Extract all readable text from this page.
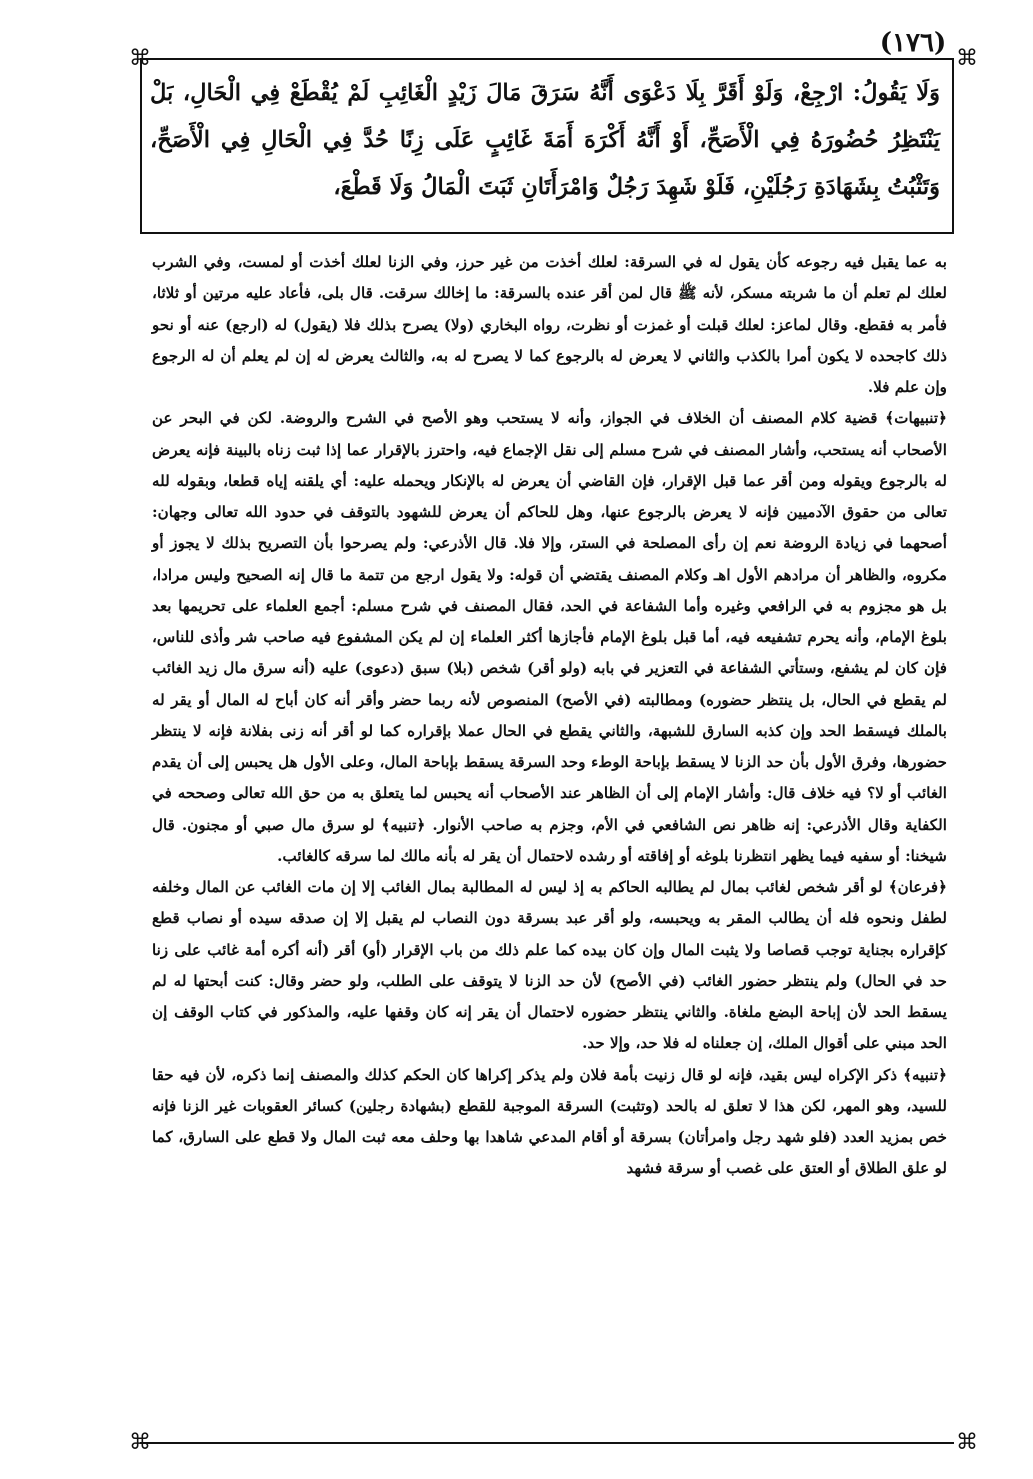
(١٧٦)
⌘	⌘
⌘	⌘

وَلَا يَقُولُ: ارْجِعْ، وَلَوْ أَقَرَّ بِلَا دَعْوَى أَنَّهُ سَرَقَ مَالَ زَيْدٍ الْغَائِبِ لَمْ يُقْطَعْ فِي الْحَالِ، بَلْ يَنْتَظِرُ حُضُورَهُ فِي الْأَصَحِّ، أَوْ أَنَّهُ أَكْرَهَ أَمَةَ غَائِبٍ عَلَى زِنًا حُدَّ فِي الْحَالِ فِي الْأَصَحِّ، وَتَثْبُتُ بِشَهَادَةِ رَجُلَيْنِ، فَلَوْ شَهِدَ رَجُلٌ وَامْرَأَتَانِ ثَبَتَ الْمَالُ وَلَا قَطْعَ،

به عما يقبل فيه رجوعه كأن يقول له في السرقة: لعلك أخذت من غير حرز، وفي الزنا لعلك أخذت أو لمست، وفي الشرب لعلك لم تعلم أن ما شربته مسكر، لأنه ﷺ قال لمن أقر عنده بالسرقة: ما إخالك سرقت. قال بلى، فأعاد عليه مرتين أو ثلاثا، فأمر به فقطع. وقال لماعز: لعلك قبلت أو غمزت أو نظرت، رواه البخاري (ولا) يصرح بذلك فلا (يقول) له (ارجع) عنه أو نحو ذلك كاجحده لا يكون أمرا بالكذب والثاني لا يعرض له بالرجوع كما لا يصرح له به، والثالث يعرض له إن لم يعلم أن له الرجوع وإن علم فلا.

﴿تنبيهات﴾ قضية كلام المصنف أن الخلاف في الجواز، وأنه لا يستحب وهو الأصح في الشرح والروضة. لكن في البحر عن الأصحاب أنه يستحب، وأشار المصنف في شرح مسلم إلى نقل الإجماع فيه، واحترز بالإقرار عما إذا ثبت زناه بالبينة فإنه يعرض له بالرجوع ويقوله ومن أقر عما قبل الإقرار، فإن القاضي أن يعرض له بالإنكار ويحمله عليه: أي يلقنه إياه قطعا، وبقوله لله تعالى من حقوق الآدميين فإنه لا يعرض بالرجوع عنها، وهل للحاكم أن يعرض للشهود بالتوقف في حدود الله تعالى وجهان: أصحهما في زيادة الروضة نعم إن رأى المصلحة في الستر، وإلا فلا. قال الأذرعي: ولم يصرحوا بأن التصريح بذلك لا يجوز أو مكروه، والظاهر أن مرادهم الأول اهـ وكلام المصنف يقتضي أن قوله: ولا يقول ارجع من تتمة ما قال إنه الصحيح وليس مرادا، بل هو مجزوم به في الرافعي وغيره وأما الشفاعة في الحد، فقال المصنف في شرح مسلم: أجمع العلماء على تحريمها بعد بلوغ الإمام، وأنه يحرم تشفيعه فيه، أما قبل بلوغ الإمام فأجازها أكثر العلماء إن لم يكن المشفوع فيه صاحب شر وأذى للناس، فإن كان لم يشفع، وستأتي الشفاعة في التعزير في بابه (ولو أقر) شخص (بلا) سبق (دعوى) عليه (أنه سرق مال زيد الغائب لم يقطع في الحال، بل ينتظر حضوره) ومطالبته (في الأصح) المنصوص لأنه ربما حضر وأقر أنه كان أباح له المال أو يقر له بالملك فيسقط الحد وإن كذبه السارق للشبهة، والثاني يقطع في الحال عملا بإقراره كما لو أقر أنه زنى بفلانة فإنه لا ينتظر حضورها، وفرق الأول بأن حد الزنا لا يسقط بإباحة الوطء وحد السرقة يسقط بإباحة المال، وعلى الأول هل يحبس إلى أن يقدم الغائب أو لا؟ فيه خلاف قال: وأشار الإمام إلى أن الظاهر عند الأصحاب أنه يحبس لما يتعلق به من حق الله تعالى وصححه في الكفاية وقال الأذرعي: إنه ظاهر نص الشافعي في الأم، وجزم به صاحب الأنوار. ﴿تنبيه﴾ لو سرق مال صبي أو مجنون. قال شيخنا: أو سفيه فيما يظهر انتظرنا بلوغه أو إفاقته أو رشده لاحتمال أن يقر له بأنه مالك لما سرقه كالغائب.

﴿فرعان﴾ لو أقر شخص لغائب بمال لم يطالبه الحاكم به إذ ليس له المطالبة بمال الغائب إلا إن مات الغائب عن المال وخلفه لطفل ونحوه فله أن يطالب المقر به ويحبسه، ولو أقر عبد بسرقة دون النصاب لم يقبل إلا إن صدقه سيده أو نصاب قطع كإقراره بجناية توجب قصاصا ولا يثبت المال وإن كان بيده كما علم ذلك من باب الإقرار (أو) أقر (أنه أكره أمة غائب على زنا حد في الحال) ولم ينتظر حضور الغائب (في الأصح) لأن حد الزنا لا يتوقف على الطلب، ولو حضر وقال: كنت أبحتها له لم يسقط الحد لأن إباحة البضع ملغاة. والثاني ينتظر حضوره لاحتمال أن يقر إنه كان وقفها عليه، والمذكور في كتاب الوقف إن الحد مبني على أقوال الملك، إن جعلناه له فلا حد، وإلا حد.

﴿تنبيه﴾ ذكر الإكراه ليس بقيد، فإنه لو قال زنيت بأمة فلان ولم يذكر إكراها كان الحكم كذلك والمصنف إنما ذكره، لأن فيه حقا للسيد، وهو المهر، لكن هذا لا تعلق له بالحد (وتثبت) السرقة الموجبة للقطع (بشهادة رجلين) كسائر العقوبات غير الزنا فإنه خص بمزيد العدد (فلو شهد رجل وامرأتان) بسرقة أو أقام المدعي شاهدا بها وحلف معه ثبت المال ولا قطع على السارق، كما لو علق الطلاق أو العتق على غصب أو سرقة فشهد
